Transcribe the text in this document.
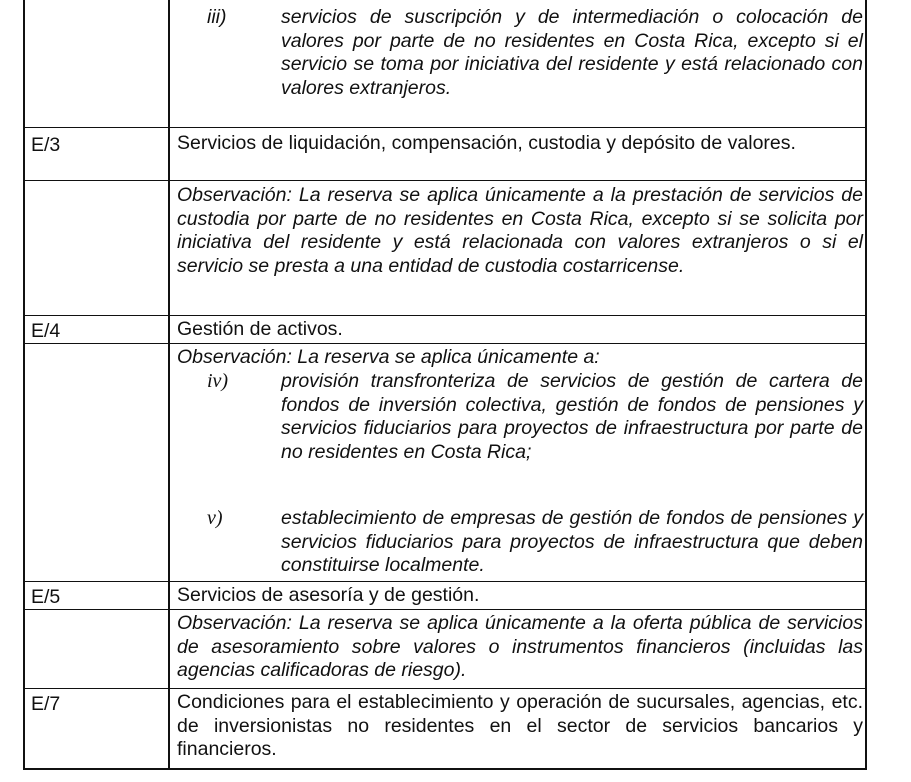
iii)	servicios de suscripción y de intermediación o colocación de valores por parte de no residentes en Costa Rica, excepto si el servicio se toma por iniciativa del residente y está relacionado con valores extranjeros.
E/3	Servicios de liquidación, compensación, custodia y depósito de valores.
Observación: La reserva se aplica únicamente a la prestación de servicios de custodia por parte de no residentes en Costa Rica, excepto si se solicita por iniciativa del residente y está relacionada con valores extranjeros o si el servicio se presta a una entidad de custodia costarricense.
E/4	Gestión de activos.
Observación: La reserva se aplica únicamente a:
iv)	provisión transfronteriza de servicios de gestión de cartera de fondos de inversión colectiva, gestión de fondos de pensiones y servicios fiduciarios para proyectos de infraestructura por parte de no residentes en Costa Rica;
v)	establecimiento de empresas de gestión de fondos de pensiones y servicios fiduciarios para proyectos de infraestructura que deben constituirse localmente.
E/5	Servicios de asesoría y de gestión.
Observación: La reserva se aplica únicamente a la oferta pública de servicios de asesoramiento sobre valores o instrumentos financieros (incluidas las agencias calificadoras de riesgo).
E/7	Condiciones para el establecimiento y operación de sucursales, agencias, etc. de inversionistas no residentes en el sector de servicios bancarios y financieros.
